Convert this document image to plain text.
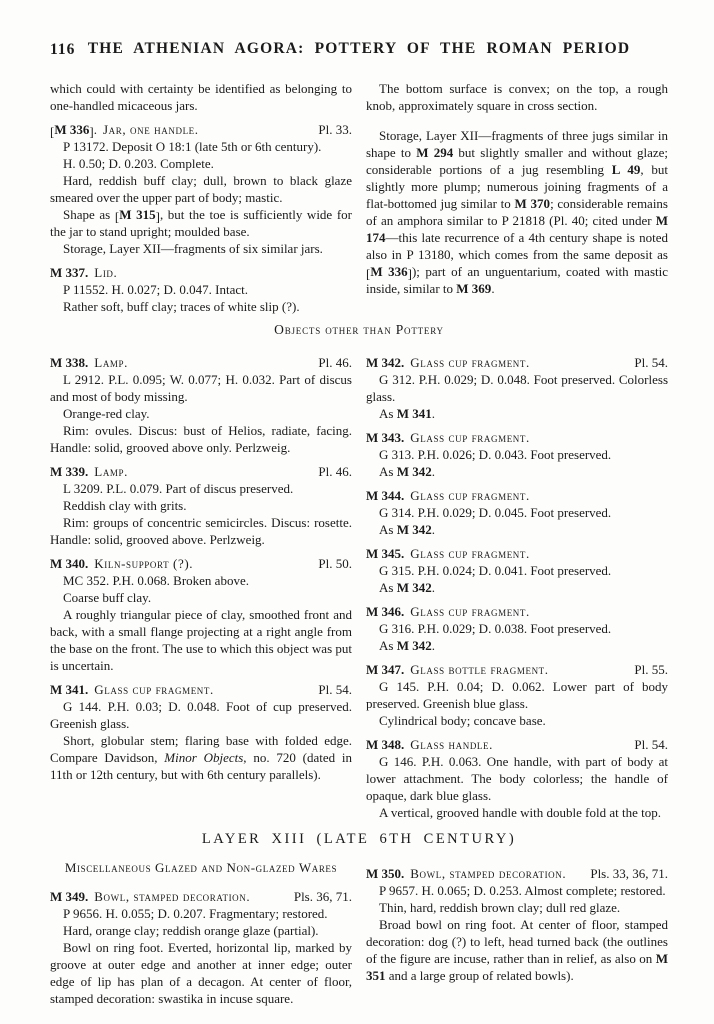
116 THE ATHENIAN AGORA: POTTERY OF THE ROMAN PERIOD

which could with certainty be identified as belonging to one-handled micaceous jars.

[M 336]. Jar, one handle.	Pl. 33.

P 13172. Deposit O 18:1 (late 5th or 6th century).

H. 0.50; D. 0.203. Complete.

Hard, reddish buff clay; dull, brown to black glaze smeared over the upper part of body; mastic.

Shape as [M 315], but the toe is sufficiently wide for the jar to stand upright; moulded base.

Storage, Layer XII—fragments of six similar jars.

M 337. Lid.

P 11552. H. 0.027; D. 0.047. Intact.

Rather soft, buff clay; traces of white slip (?).

The bottom surface is convex; on the top, a rough knob, approximately square in cross section.

Storage, Layer XII—fragments of three jugs similar in shape to M 294 but slightly smaller and without glaze; considerable portions of a jug resembling L 49, but slightly more plump; numerous joining fragments of a flat-bottomed jug similar to M 370; considerable remains of an amphora similar to P 21818 (Pl. 40; cited under M 174—this late recurrence of a 4th century shape is noted also in P 13180, which comes from the same deposit as [M 336]); part of an unguentarium, coated with mastic inside, similar to M 369.

Objects other than Pottery
M 338. Lamp.	Pl. 46.

L 2912. P.L. 0.095; W. 0.077; H. 0.032. Part of discus and most of body missing.

Orange-red clay.

Rim: ovules. Discus: bust of Helios, radiate, facing. Handle: solid, grooved above only. Perlzweig.

M 339. Lamp.	Pl. 46.

L 3209. P.L. 0.079. Part of discus preserved.

Reddish clay with grits.

Rim: groups of concentric semicircles. Discus: rosette. Handle: solid, grooved above. Perlzweig.

M 340. Kiln-support (?).	Pl. 50.

MC 352. P.H. 0.068. Broken above.

Coarse buff clay.

A roughly triangular piece of clay, smoothed front and back, with a small flange projecting at a right angle from the base on the front. The use to which this object was put is uncertain.

M 341. Glass cup fragment.	Pl. 54.

G 144. P.H. 0.03; D. 0.048. Foot of cup preserved. Greenish glass.

Short, globular stem; flaring base with folded edge. Compare Davidson, Minor Objects, no. 720 (dated in 11th or 12th century, but with 6th century parallels).

M 342. Glass cup fragment.	Pl. 54.

G 312. P.H. 0.029; D. 0.048. Foot preserved. Colorless glass.

As M 341.

M 343. Glass cup fragment.

G 313. P.H. 0.026; D. 0.043. Foot preserved.

As M 342.

M 344. Glass cup fragment.

G 314. P.H. 0.029; D. 0.045. Foot preserved.

As M 342.

M 345. Glass cup fragment.

G 315. P.H. 0.024; D. 0.041. Foot preserved.

As M 342.

M 346. Glass cup fragment.

G 316. P.H. 0.029; D. 0.038. Foot preserved.

As M 342.

M 347. Glass bottle fragment.	Pl. 55.

G 145. P.H. 0.04; D. 0.062. Lower part of body preserved. Greenish blue glass.

Cylindrical body; concave base.

M 348. Glass handle.	Pl. 54.

G 146. P.H. 0.063. One handle, with part of body at lower attachment. The body colorless; the handle of opaque, dark blue glass.

A vertical, grooved handle with double fold at the top.

LAYER XIII (LATE 6TH CENTURY)
Miscellaneous Glazed and Non-glazed Wares
M 349. Bowl, stamped decoration.	Pls. 36, 71.

P 9656. H. 0.055; D. 0.207. Fragmentary; restored.

Hard, orange clay; reddish orange glaze (partial).

Bowl on ring foot. Everted, horizontal lip, marked by groove at outer edge and another at inner edge; outer edge of lip has plan of a decagon. At center of floor, stamped decoration: swastika in incuse square.

M 350. Bowl, stamped decoration.	Pls. 33, 36, 71.

P 9657. H. 0.065; D. 0.253. Almost complete; restored.

Thin, hard, reddish brown clay; dull red glaze.

Broad bowl on ring foot. At center of floor, stamped decoration: dog (?) to left, head turned back (the outlines of the figure are incuse, rather than in relief, as also on M 351 and a large group of related bowls).
